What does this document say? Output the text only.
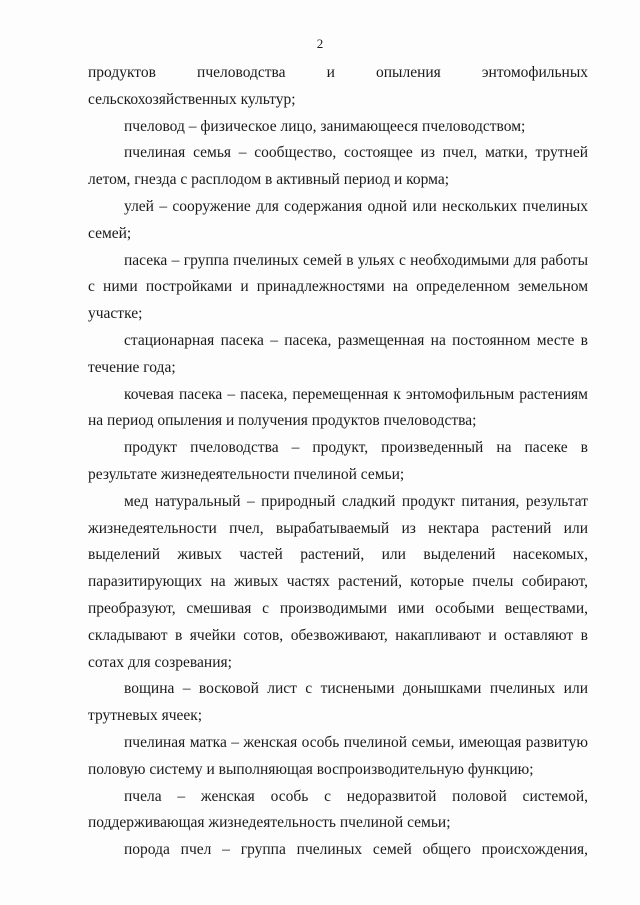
2

продуктов пчеловодства и опыления энтомофильных сельскохозяйственных культур;

пчеловод – физическое лицо, занимающееся пчеловодством;

пчелиная семья – сообщество, состоящее из пчел, матки, трутней летом, гнезда с расплодом в активный период и корма;

улей – сооружение для содержания одной или нескольких пчелиных семей;

пасека – группа пчелиных семей в ульях с необходимыми для работы с ними постройками и принадлежностями на определенном земельном участке;

стационарная пасека – пасека, размещенная на постоянном месте в течение года;

кочевая пасека – пасека, перемещенная к энтомофильным растениям на период опыления и получения продуктов пчеловодства;

продукт пчеловодства – продукт, произведенный на пасеке в результате жизнедеятельности пчелиной семьи;

мед натуральный – природный сладкий продукт питания, результат жизнедеятельности пчел, вырабатываемый из нектара растений или выделений живых частей растений, или выделений насекомых, паразитирующих на живых частях растений, которые пчелы собирают, преобразуют, смешивая с производимыми ими особыми веществами, складывают в ячейки сотов, обезвоживают, накапливают и оставляют в сотах для созревания;

вощина – восковой лист с тиснеными донышками пчелиных или трутневых ячеек;

пчелиная матка – женская особь пчелиной семьи, имеющая развитую половую систему и выполняющая воспроизводительную функцию;

пчела – женская особь с недоразвитой половой системой, поддерживающая жизнедеятельность пчелиной семьи;

порода пчел – группа пчелиных семей общего происхождения,
